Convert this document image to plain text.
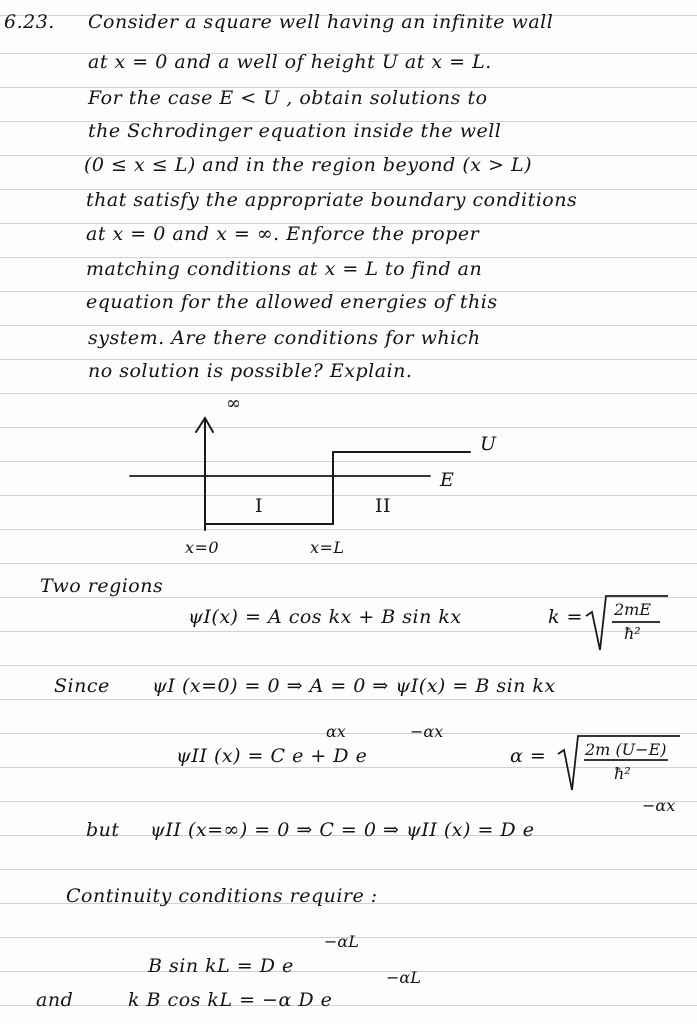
6.23. Consider a square well having an infinite wall
at x = 0 and a well of height U at x = L.
For the case E < U , obtain solutions to
the Schrodinger equation inside the well
(0 ≤ x ≤ L) and in the region beyond (x > L)
that satisfy the appropriate boundary conditions
at x = 0 and x = ∞. Enforce the proper
matching conditions at x = L to find an
equation for the allowed energies of this
system. Are there conditions for which
no solution is possible? Explain.
∞
U
E
I	II
x=0	x=L
Two regions
ψI(x) = A cos kx + B sin kx	k = 2mE
ħ²
Since ψI (x=0) = 0 ⇒ A = 0 ⇒ ψI(x) = B sin kx
ψII (x) = C e + D e
αx	−αx
α = 2m (U−E)
ħ²
but ψII (x=∞) = 0 ⇒ C = 0 ⇒ ψII (x) = D e
−αx
Continuity conditions require :
B sin kL = D e
−αL
and	k B cos kL = −α D e
−αL
